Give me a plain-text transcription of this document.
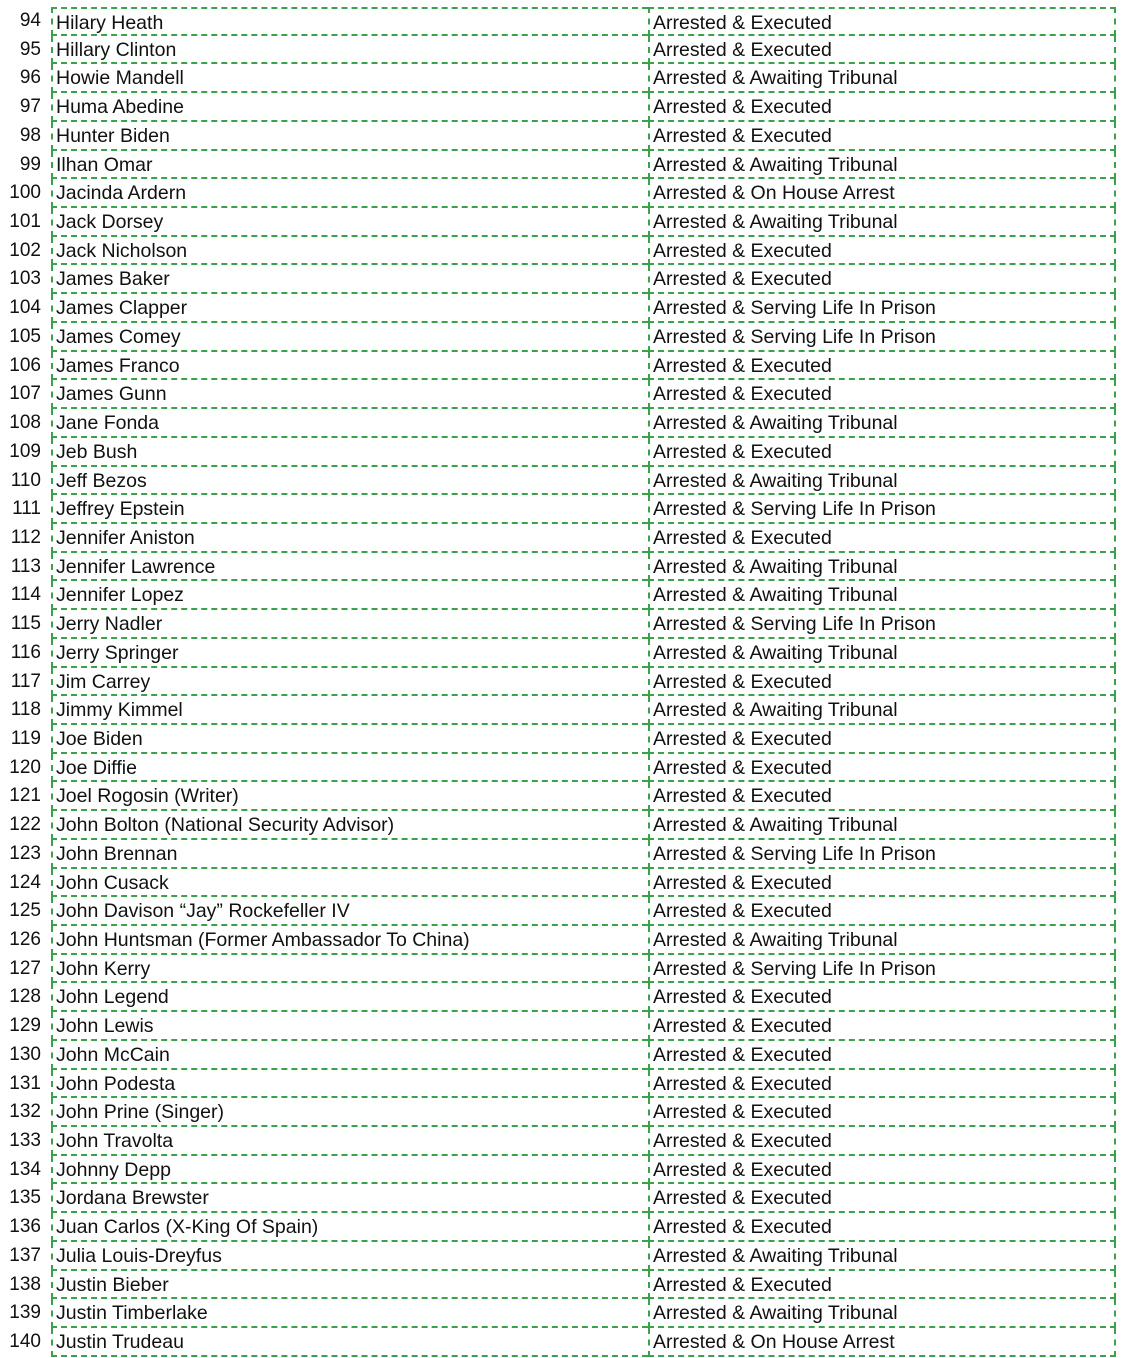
94 Hilary Heath	Arrested & Executed
95 Hillary Clinton	Arrested & Executed
96 Howie Mandell	Arrested & Awaiting Tribunal
97 Huma Abedine	Arrested & Executed
98 Hunter Biden	Arrested & Executed
99 Ilhan Omar	Arrested & Awaiting Tribunal
100 Jacinda Ardern	Arrested & On House Arrest
101 Jack Dorsey	Arrested & Awaiting Tribunal
102 Jack Nicholson	Arrested & Executed
103 James Baker	Arrested & Executed
104 James Clapper	Arrested & Serving Life In Prison
105 James Comey	Arrested & Serving Life In Prison
106 James Franco	Arrested & Executed
107 James Gunn	Arrested & Executed
108 Jane Fonda	Arrested & Awaiting Tribunal
109 Jeb Bush	Arrested & Executed
110 Jeff Bezos	Arrested & Awaiting Tribunal
111 Jeffrey Epstein	Arrested & Serving Life In Prison
112 Jennifer Aniston	Arrested & Executed
113 Jennifer Lawrence	Arrested & Awaiting Tribunal
114 Jennifer Lopez	Arrested & Awaiting Tribunal
115 Jerry Nadler	Arrested & Serving Life In Prison
116 Jerry Springer	Arrested & Awaiting Tribunal
117 Jim Carrey	Arrested & Executed
118 Jimmy Kimmel	Arrested & Awaiting Tribunal
119 Joe Biden	Arrested & Executed
120 Joe Diffie	Arrested & Executed
121 Joel Rogosin (Writer)	Arrested & Executed
122 John Bolton (National Security Advisor)	Arrested & Awaiting Tribunal
123 John Brennan	Arrested & Serving Life In Prison
124 John Cusack	Arrested & Executed
125 John Davison “Jay” Rockefeller IV	Arrested & Executed
126 John Huntsman (Former Ambassador To China)	Arrested & Awaiting Tribunal
127 John Kerry	Arrested & Serving Life In Prison
128 John Legend	Arrested & Executed
129 John Lewis	Arrested & Executed
130 John McCain	Arrested & Executed
131 John Podesta	Arrested & Executed
132 John Prine (Singer)	Arrested & Executed
133 John Travolta	Arrested & Executed
134 Johnny Depp	Arrested & Executed
135 Jordana Brewster	Arrested & Executed
136 Juan Carlos (X-King Of Spain)	Arrested & Executed
137 Julia Louis-Dreyfus	Arrested & Awaiting Tribunal
138 Justin Bieber	Arrested & Executed
139 Justin Timberlake	Arrested & Awaiting Tribunal
140 Justin Trudeau	Arrested & On House Arrest
